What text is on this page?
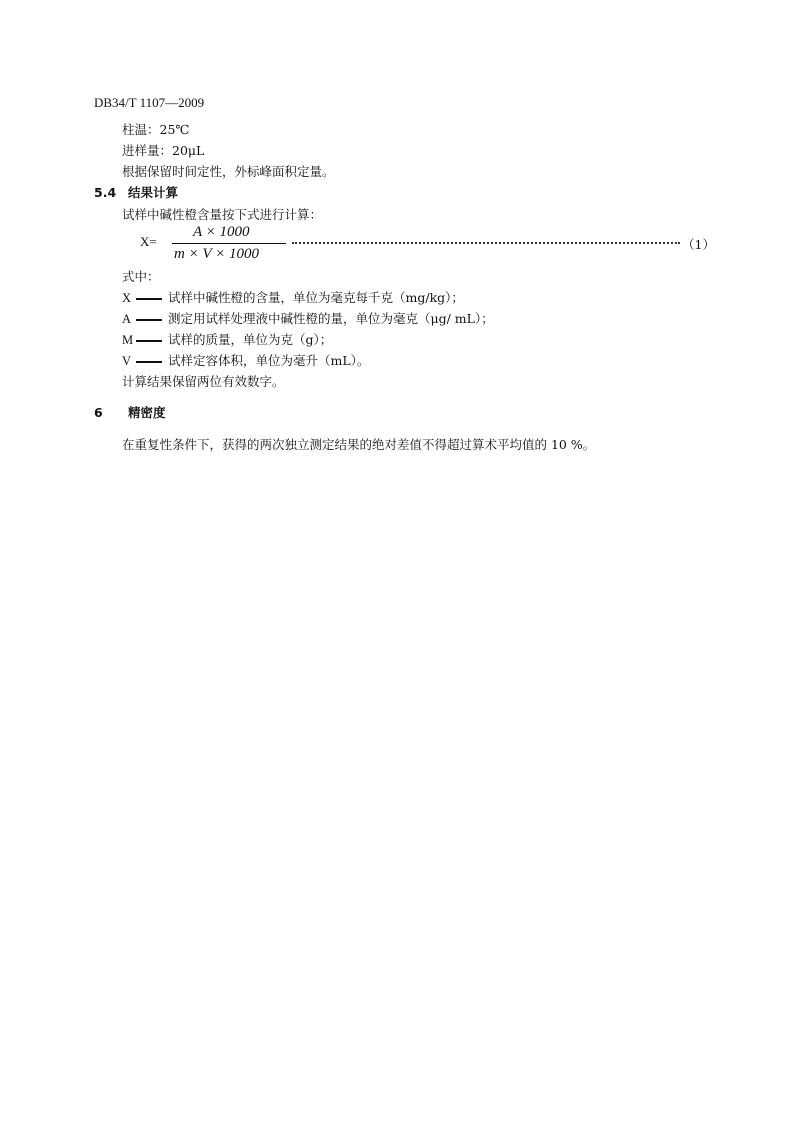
DB34/T 1107—2009
柱温：25℃
进样量：20μL
根据保留时间定性，外标峰面积定量。
5.4 结果计算
试样中碱性橙含量按下式进行计算：
X=
A × 1000
m × V × 1000
（1）
式中：
X	试样中碱性橙的含量，单位为毫克每千克（mg/kg）；
A	测定用试样处理液中碱性橙的量，单位为毫克（μg/ mL）；
M	试样的质量，单位为克（g）；
V	试样定容体积，单位为毫升（mL）。
计算结果保留两位有效数字。
6 精密度
在重复性条件下，获得的两次独立测定结果的绝对差值不得超过算术平均值的 10 %。
